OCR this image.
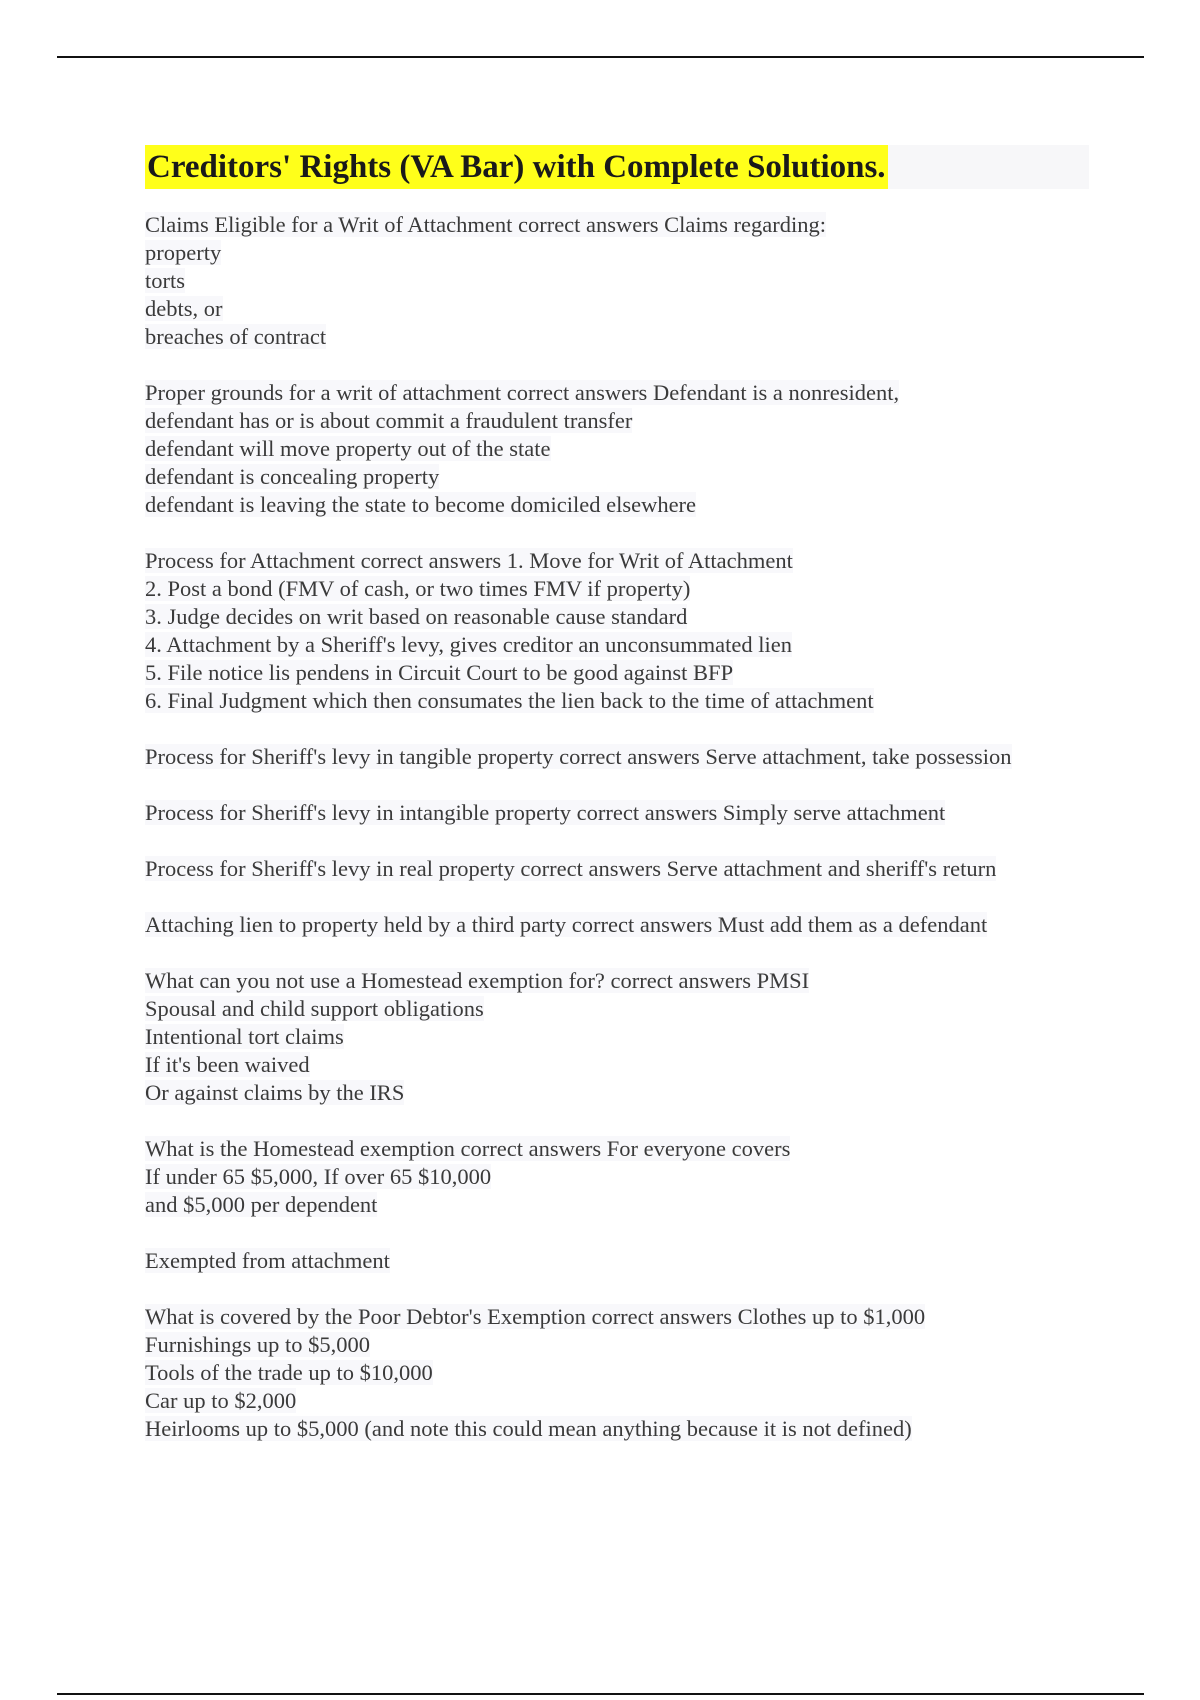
Creditors' Rights (VA Bar) with Complete Solutions.
Claims Eligible for a Writ of Attachment correct answers Claims regarding:
property
torts
debts, or
breaches of contract
Proper grounds for a writ of attachment correct answers Defendant is a nonresident,
defendant has or is about commit a fraudulent transfer
defendant will move property out of the state
defendant is concealing property
defendant is leaving the state to become domiciled elsewhere
Process for Attachment correct answers 1. Move for Writ of Attachment
2. Post a bond (FMV of cash, or two times FMV if property)
3. Judge decides on writ based on reasonable cause standard
4. Attachment by a Sheriff's levy, gives creditor an unconsummated lien
5. File notice lis pendens in Circuit Court to be good against BFP
6. Final Judgment which then consumates the lien back to the time of attachment
Process for Sheriff's levy in tangible property correct answers Serve attachment, take possession
Process for Sheriff's levy in intangible property correct answers Simply serve attachment
Process for Sheriff's levy in real property correct answers Serve attachment and sheriff's return
Attaching lien to property held by a third party correct answers Must add them as a defendant
What can you not use a Homestead exemption for? correct answers PMSI
Spousal and child support obligations
Intentional tort claims
If it's been waived
Or against claims by the IRS
What is the Homestead exemption correct answers For everyone covers
If under 65 $5,000, If over 65 $10,000
and $5,000 per dependent
Exempted from attachment
What is covered by the Poor Debtor's Exemption correct answers Clothes up to $1,000
Furnishings up to $5,000
Tools of the trade up to $10,000
Car up to $2,000
Heirlooms up to $5,000 (and note this could mean anything because it is not defined)
